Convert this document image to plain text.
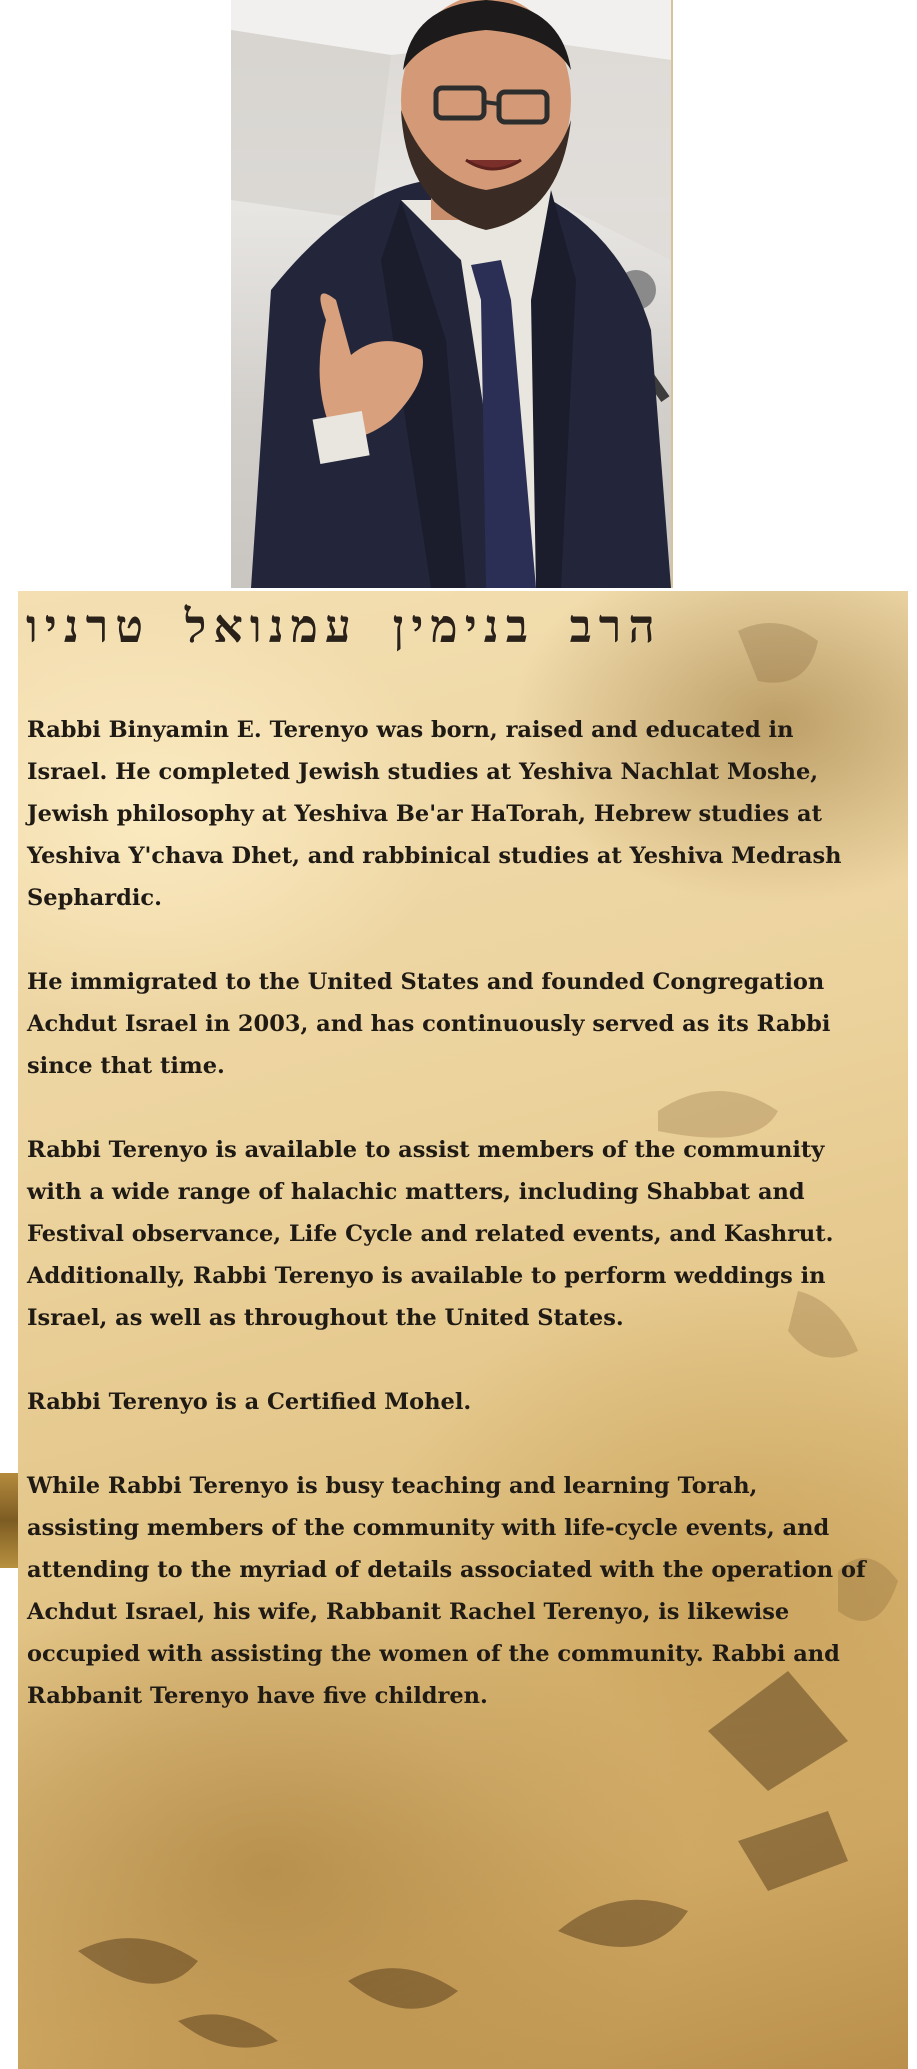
הרב בנימין עמנואל טרניו

Rabbi Binyamin E. Terenyo was born, raised and educated in Israel. He completed Jewish studies at Yeshiva Nachlat Moshe, Jewish philosophy at Yeshiva Be'ar HaTorah, Hebrew studies at Yeshiva Y'chava Dhet, and rabbinical studies at Yeshiva Medrash Sephardic.

He immigrated to the United States and founded Congregation Achdut Israel in 2003, and has continuously served as its Rabbi since that time.

Rabbi Terenyo is available to assist members of the community with a wide range of halachic matters, including Shabbat and Festival observance, Life Cycle and related events, and Kashrut. Additionally, Rabbi Terenyo is available to perform weddings in Israel, as well as throughout the United States.

Rabbi Terenyo is a Certified Mohel.

While Rabbi Terenyo is busy teaching and learning Torah, assisting members of the community with life-cycle events, and attending to the myriad of details associated with the operation of Achdut Israel, his wife, Rabbanit Rachel Terenyo, is likewise occupied with assisting the women of the community. Rabbi and Rabbanit Terenyo have five children.
